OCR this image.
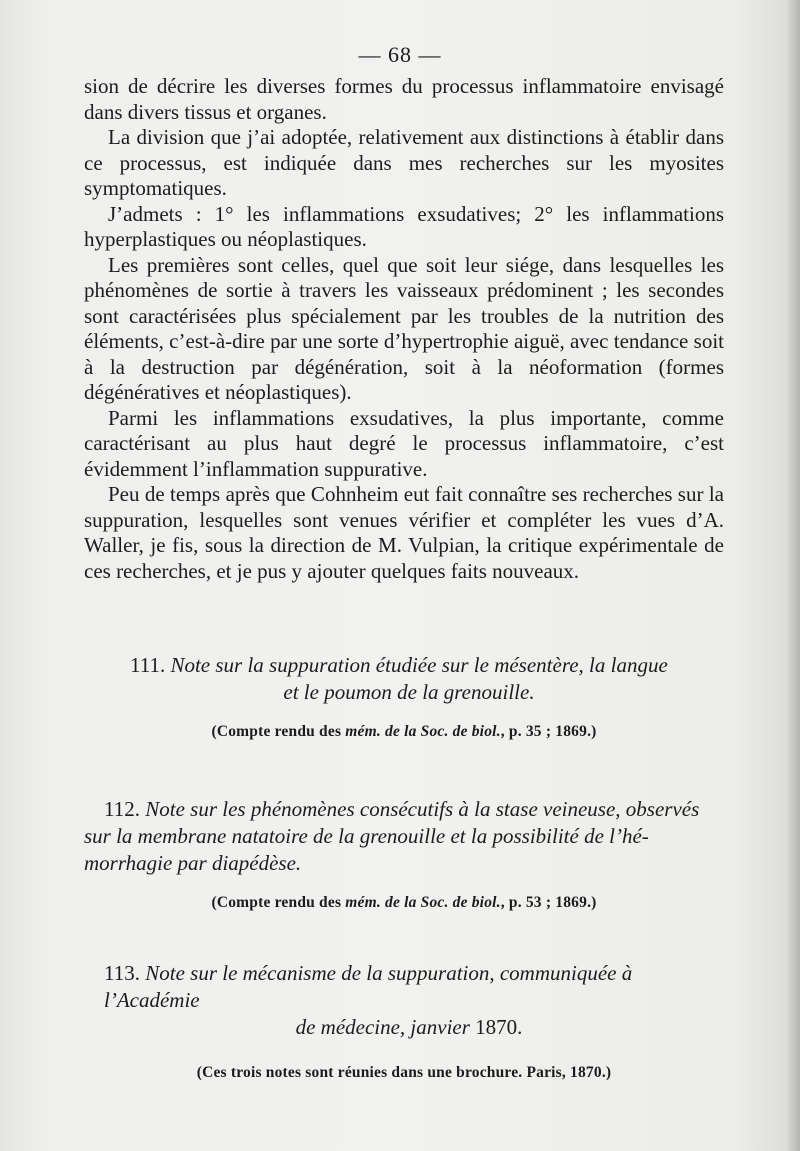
— 68 —

sion de décrire les diverses formes du processus inflammatoire envisagé dans divers tissus et organes.

La division que j’ai adoptée, relativement aux distinctions à établir dans ce processus, est indiquée dans mes recherches sur les myosites symptomatiques.

J’admets : 1° les inflammations exsudatives; 2° les inflammations hyperplastiques ou néoplastiques.

Les premières sont celles, quel que soit leur siége, dans lesquelles les phénomènes de sortie à travers les vaisseaux prédominent ; les secondes sont caractérisées plus spécialement par les troubles de la nutrition des éléments, c’est-à-dire par une sorte d’hypertrophie aiguë, avec tendance soit à la destruction par dégénération, soit à la néoformation (formes dégénératives et néoplastiques).

Parmi les inflammations exsudatives, la plus importante, comme caractérisant au plus haut degré le processus inflammatoire, c’est évidemment l’inflammation suppurative.

Peu de temps après que Cohnheim eut fait connaître ses recherches sur la suppuration, lesquelles sont venues vérifier et compléter les vues d’A. Waller, je fis, sous la direction de M. Vulpian, la critique expérimentale de ces recherches, et je pus y ajouter quelques faits nouveaux.

111. Note sur la suppuration étudiée sur le mésentère, la langue
et le poumon de la grenouille.
(Compte rendu des mém. de la Soc. de biol., p. 35 ; 1869.)
112. Note sur les phénomènes consécutifs à la stase veineuse, observés
sur la membrane natatoire de la grenouille et la possibilité de l’hé-
morrhagie par diapédèse.
(Compte rendu des mém. de la Soc. de biol., p. 53 ; 1869.)
113. Note sur le mécanisme de la suppuration, communiquée à l’Académie
de médecine, janvier 1870.
(Ces trois notes sont réunies dans une brochure. Paris, 1870.)
